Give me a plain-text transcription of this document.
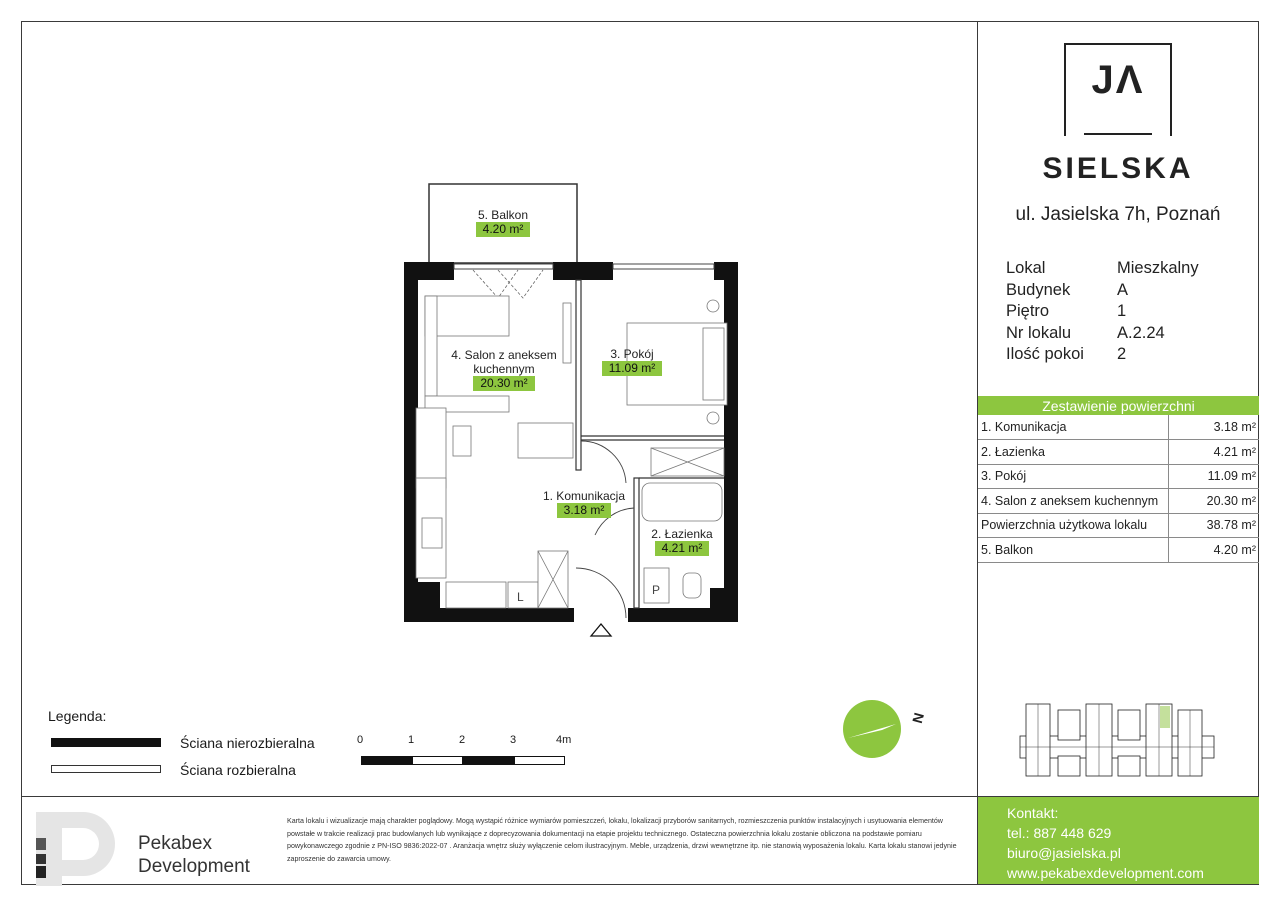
JΛ
SIELSKA
ul. Jasielska 7h, Poznań
Lokal	Mieszkalny
Budynek	A
Piętro	1
Nr lokalu	A.2.24
Ilość pokoi	2
Zestawienie powierzchni	
1. Komunikacja	3.18 m²
2. Łazienka	4.21 m²
3. Pokój	11.09 m²
4. Salon z aneksem kuchennym	20.30 m²
Powierzchnia użytkowa lokalu	38.78 m²
5. Balkon	4.20 m²
L	P
5. Balkon
4.20 m²
4. Salon z aneksem
kuchennym
20.30 m²
3. Pokój
11.09 m²
1. Komunikacja
3.18 m²
2. Łazienka
4.21 m²
Legenda:
Ściana nierozbieralna
Ściana rozbieralna
0	1	2	3	4m
N
Pekabex
Development
Karta lokalu i wizualizacje mają charakter poglądowy. Mogą wystąpić różnice wymiarów pomieszczeń, lokalu, lokalizacji przyborów sanitarnych, rozmieszczenia punktów instalacyjnych i usytuowania elementów powstałe w trakcie realizacji prac budowlanych lub wynikające z doprecyzowania dokumentacji na etapie projektu technicznego. Ostateczna powierzchnia lokalu zostanie obliczona na podstawie pomiaru powykonawczego zgodnie z PN-ISO 9836:2022-07 . Aranżacja wnętrz służy wyłączenie celom ilustracyjnym. Meble, urządzenia, drzwi wewnętrzne itp. nie stanowią wyposażenia lokalu. Karta lokalu stanowi jedynie zaproszenie do zawarcia umowy.
Kontakt:
tel.: 887 448 629
biuro@jasielska.pl
www.pekabexdevelopment.com
